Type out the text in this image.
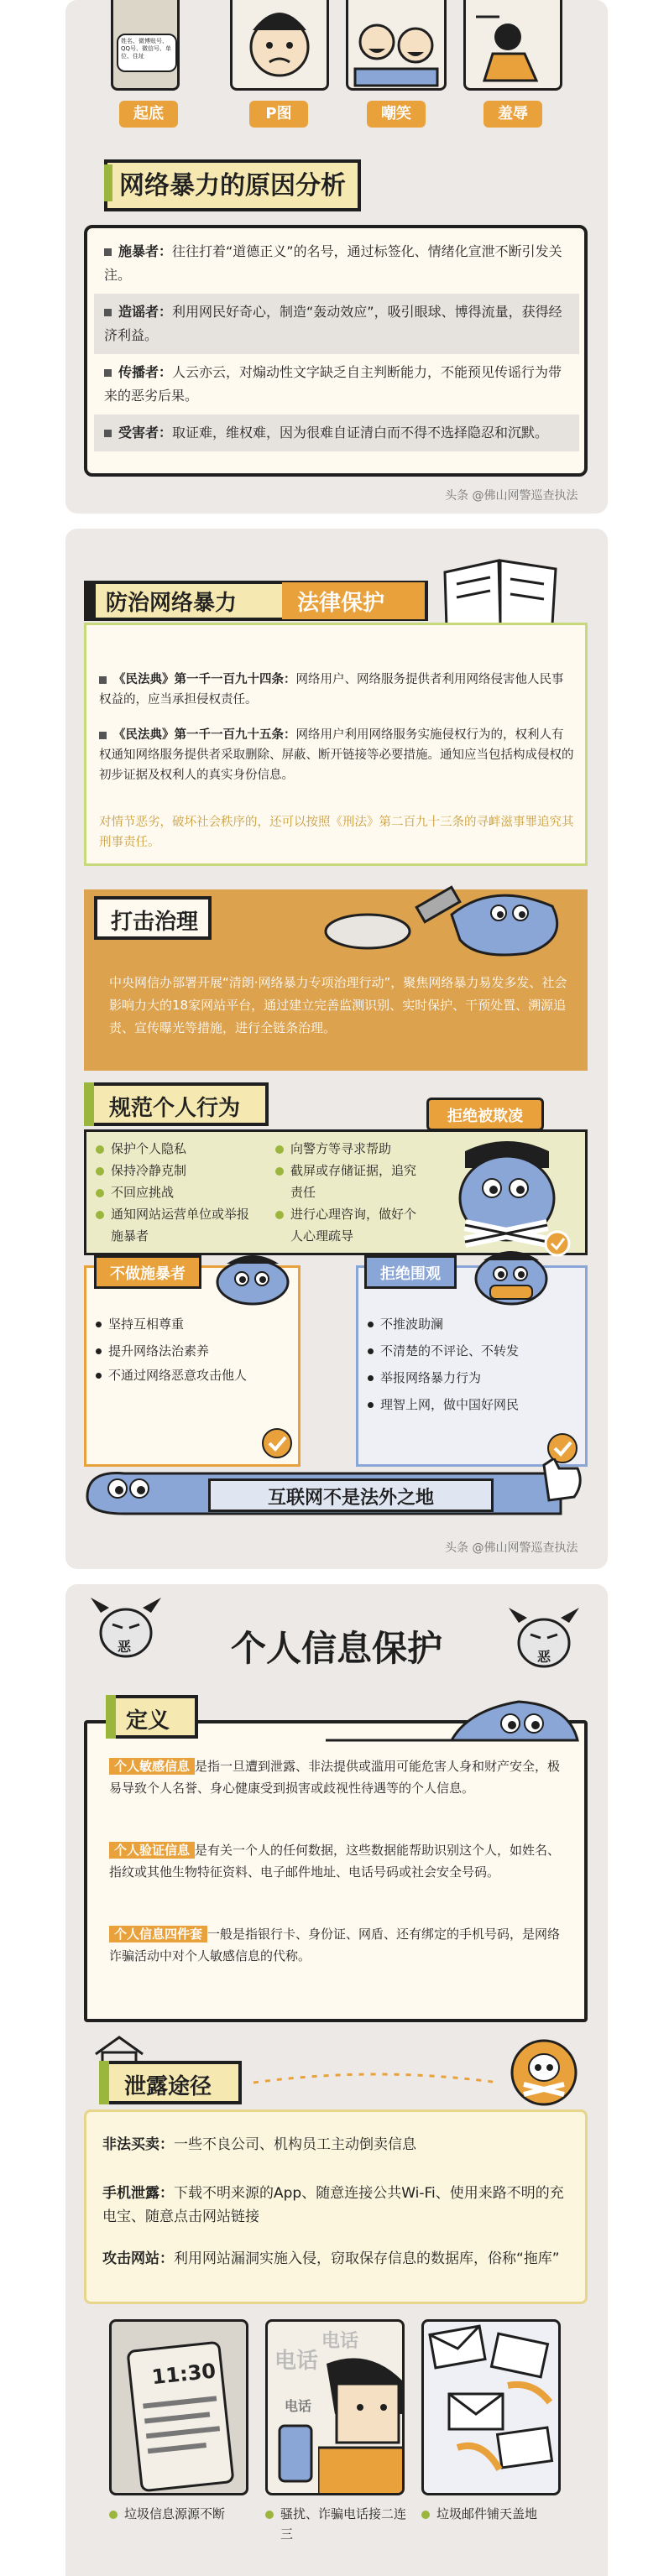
姓名、微博账号、QQ号、微信号、单位、住址
起底	P图	嘲笑	羞辱
网络暴力的原因分析
施暴者：往往打着“道德正义”的名号，通过标签化、情绪化宣泄不断引发关注。
造谣者：利用网民好奇心，制造“轰动效应”，吸引眼球、博得流量，获得经济利益。
传播者：人云亦云，对煽动性文字缺乏自主判断能力，不能预见传谣行为带来的恶劣后果。
受害者：取证难，维权难，因为很难自证清白而不得不选择隐忍和沉默。
头条 @佛山网警巡查执法
防治网络暴力	法律保护
《民法典》第一千一百九十四条：网络用户、网络服务提供者利用网络侵害他人民事权益的，应当承担侵权责任。
《民法典》第一千一百九十五条：网络用户利用网络服务实施侵权行为的，权利人有权通知网络服务提供者采取删除、屏蔽、断开链接等必要措施。通知应当包括构成侵权的初步证据及权利人的真实身份信息。
对情节恶劣，破坏社会秩序的，还可以按照《刑法》第二百九十三条的寻衅滋事罪追究其刑事责任。
打击治理
中央网信办部署开展“清朗·网络暴力专项治理行动”，聚焦网络暴力易发多发、社会影响力大的18家网站平台，通过建立完善监测识别、实时保护、干预处置、溯源追责、宣传曝光等措施，进行全链条治理。
规范个人行为	拒绝被欺凌
保护个人隐私
保持冷静克制
不回应挑战
通知网站运营单位或举报施暴者
向警方等寻求帮助
截屏或存储证据，追究责任
进行心理咨询，做好个人心理疏导
不做施暴者
坚持互相尊重
提升网络法治素养
不通过网络恶意攻击他人
拒绝围观
不推波助澜
不清楚的不评论、不转发
举报网络暴力行为
理智上网，做中国好网民
互联网不是法外之地
头条 @佛山网警巡查执法
恶
恶
个人信息保护
定义
个人敏感信息 是指一旦遭到泄露、非法提供或滥用可能危害人身和财产安全，极易导致个人名誉、身心健康受到损害或歧视性待遇等的个人信息。
个人验证信息 是有关一个人的任何数据，这些数据能帮助识别这个人，如姓名、指纹或其他生物特征资料、电子邮件地址、电话号码或社会安全号码。
个人信息四件套 一般是指银行卡、身份证、网盾、还有绑定的手机号码，是网络诈骗活动中对个人敏感信息的代称。
泄露途径
非法买卖：一些不良公司、机构员工主动倒卖信息
手机泄露：下载不明来源的App、随意连接公共Wi-Fi、使用来路不明的充电宝、随意点击网站链接
攻击网站：利用网站漏洞实施入侵，窃取保存信息的数据库，俗称“拖库”
11:30	电话
电话
电话
垃圾信息源源不断	骚扰、诈骗电话接二连三
垃圾邮件铺天盖地
